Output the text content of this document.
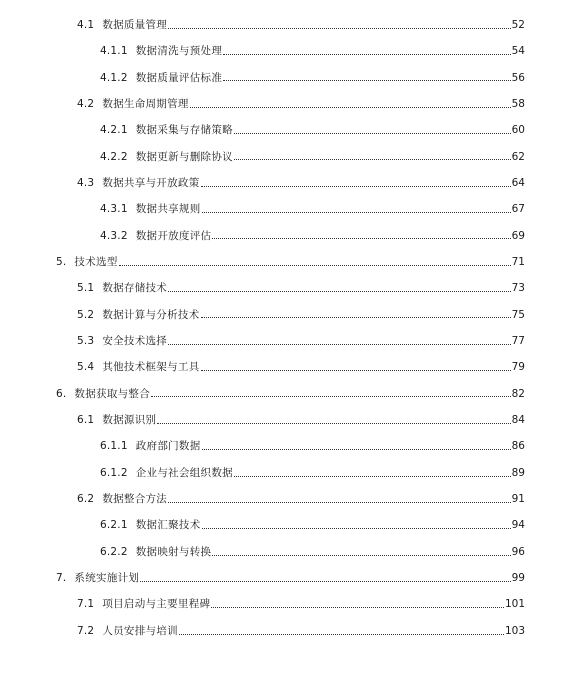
4.1 数据质量管理	52
4.1.1 数据清洗与预处理	54
4.1.2 数据质量评估标准	56
4.2 数据生命周期管理	58
4.2.1 数据采集与存储策略	60
4.2.2 数据更新与删除协议	62
4.3 数据共享与开放政策	64
4.3.1 数据共享规则	67
4.3.2 数据开放度评估	69
5. 技术选型	71
5.1 数据存储技术	73
5.2 数据计算与分析技术	75
5.3 安全技术选择	77
5.4 其他技术框架与工具	79
6. 数据获取与整合	82
6.1 数据源识别	84
6.1.1 政府部门数据	86
6.1.2 企业与社会组织数据	89
6.2 数据整合方法	91
6.2.1 数据汇聚技术	94
6.2.2 数据映射与转换	96
7. 系统实施计划	99
7.1 项目启动与主要里程碑	101
7.2 人员安排与培训	103
